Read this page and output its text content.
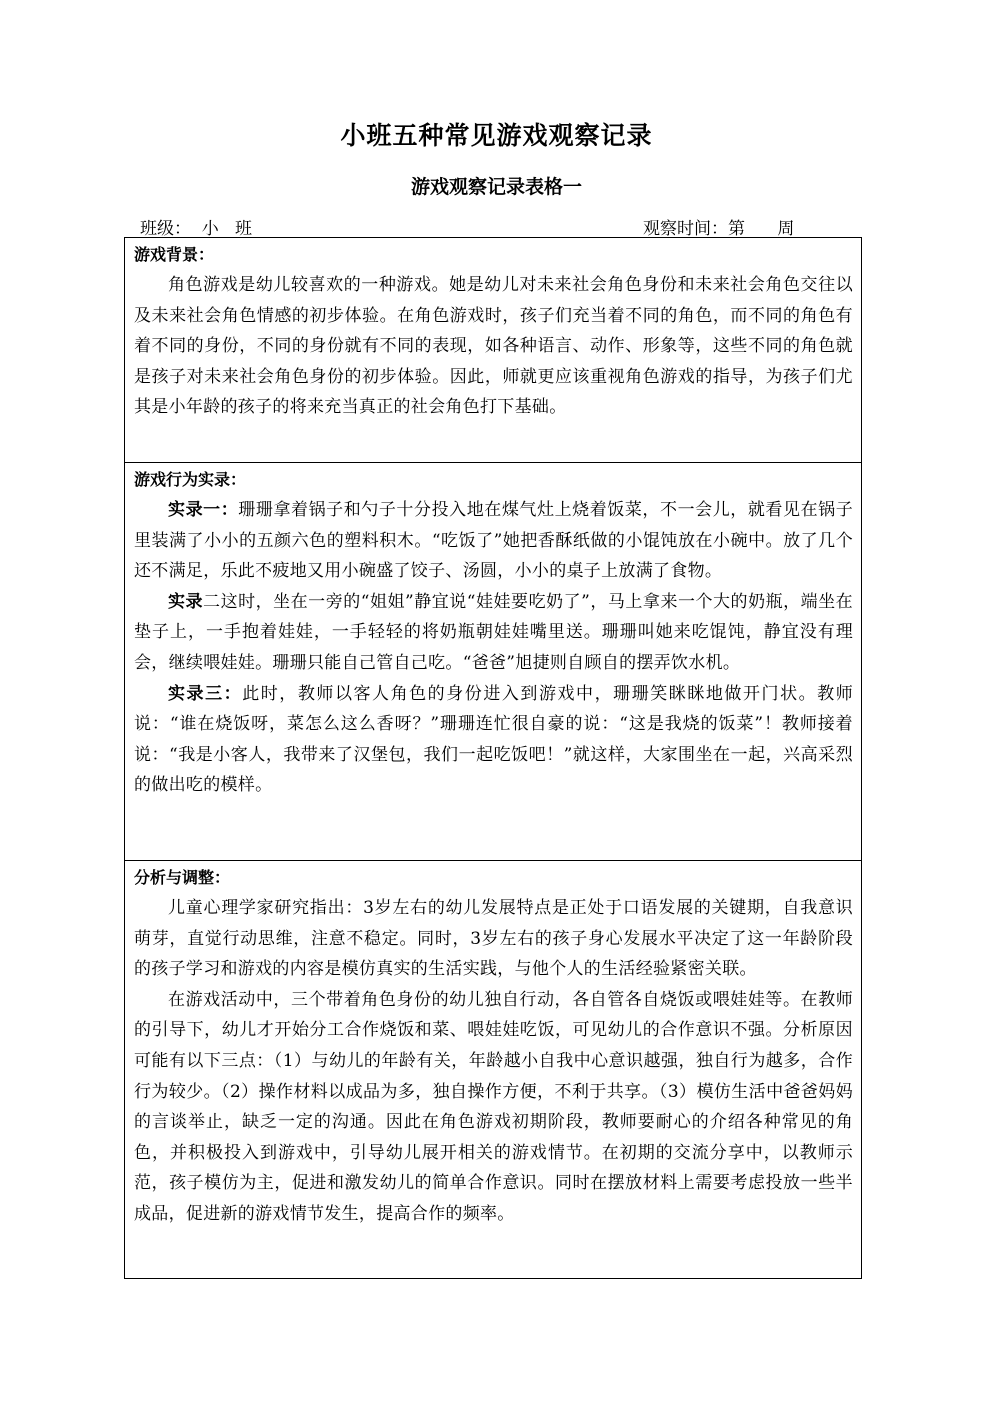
小班五种常见游戏观察记录
游戏观察记录表格一
班级：  小   班	观察时间：第      周
游戏背景：

角色游戏是幼儿较喜欢的一种游戏。她是幼儿对未来社会角色身份和未来社会角色交往以及未来社会角色情感的初步体验。在角色游戏时，孩子们充当着不同的角色，而不同的角色有着不同的身份，不同的身份就有不同的表现，如各种语言、动作、形象等，这些不同的角色就是孩子对未来社会角色身份的初步体验。因此，师就更应该重视角色游戏的指导，为孩子们尤其是小年龄的孩子的将来充当真正的社会角色打下基础。

游戏行为实录：

实录一：珊珊拿着锅子和勺子十分投入地在煤气灶上烧着饭菜，不一会儿，就看见在锅子里装满了小小的五颜六色的塑料积木。“吃饭了”她把香酥纸做的小馄饨放在小碗中。放了几个还不满足，乐此不疲地又用小碗盛了饺子、汤圆，小小的桌子上放满了食物。

实录二这时，坐在一旁的“姐姐”静宜说“娃娃要吃奶了”，马上拿来一个大的奶瓶，端坐在垫子上，一手抱着娃娃，一手轻轻的将奶瓶朝娃娃嘴里送。珊珊叫她来吃馄饨，静宜没有理会，继续喂娃娃。珊珊只能自己管自己吃。“爸爸”旭捷则自顾自的摆弄饮水机。

实录三：此时，教师以客人角色的身份进入到游戏中，珊珊笑眯眯地做开门状。教师说：“谁在烧饭呀，菜怎么这么香呀？”珊珊连忙很自豪的说：“这是我烧的饭菜”！教师接着说：“我是小客人，我带来了汉堡包，我们一起吃饭吧！”就这样，大家围坐在一起，兴高采烈的做出吃的模样。

分析与调整：

儿童心理学家研究指出：3岁左右的幼儿发展特点是正处于口语发展的关键期，自我意识萌芽，直觉行动思维，注意不稳定。同时，3岁左右的孩子身心发展水平决定了这一年龄阶段的孩子学习和游戏的内容是模仿真实的生活实践，与他个人的生活经验紧密关联。

在游戏活动中，三个带着角色身份的幼儿独自行动，各自管各自烧饭或喂娃娃等。在教师的引导下，幼儿才开始分工合作烧饭和菜、喂娃娃吃饭，可见幼儿的合作意识不强。分析原因可能有以下三点：（1）与幼儿的年龄有关，年龄越小自我中心意识越强，独自行为越多，合作行为较少。（2）操作材料以成品为多，独自操作方便，不利于共享。（3）模仿生活中爸爸妈妈的言谈举止，缺乏一定的沟通。因此在角色游戏初期阶段，教师要耐心的介绍各种常见的角色，并积极投入到游戏中，引导幼儿展开相关的游戏情节。在初期的交流分享中，以教师示范，孩子模仿为主，促进和激发幼儿的简单合作意识。同时在摆放材料上需要考虑投放一些半成品，促进新的游戏情节发生，提高合作的频率。
